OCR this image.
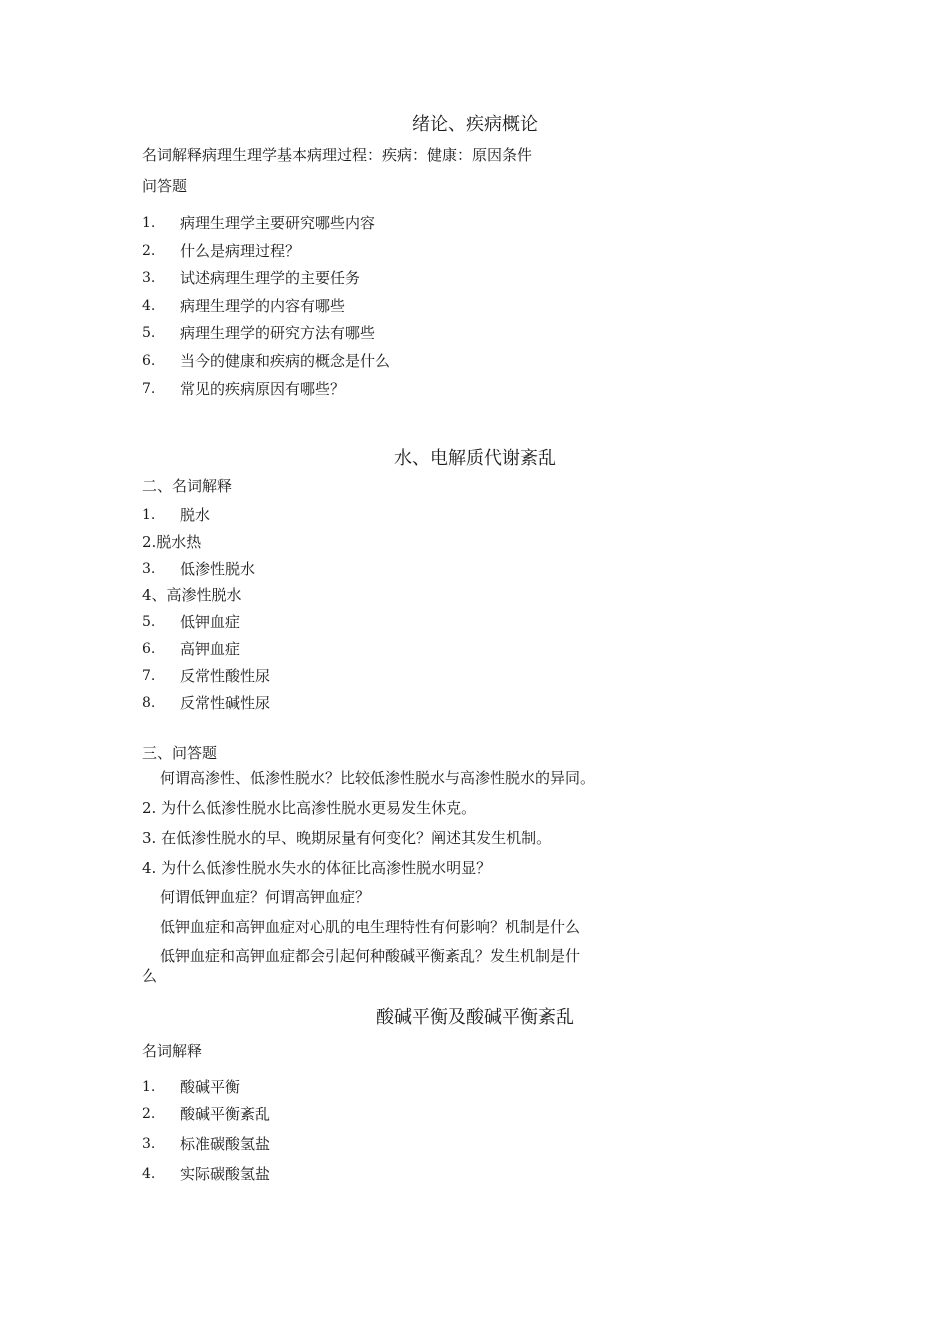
绪论、疾病概论
名词解释病理生理学基本病理过程：疾病：健康：原因条件
问答题
1. 病理生理学主要研究哪些内容
2. 什么是病理过程？
3. 试述病理生理学的主要任务
4. 病理生理学的内容有哪些
5. 病理生理学的研究方法有哪些
6. 当今的健康和疾病的概念是什么
7. 常见的疾病原因有哪些？
水、电解质代谢紊乱
二、名词解释
1. 脱水
2.脱水热
3. 低渗性脱水
4、高渗性脱水
5. 低钾血症
6. 高钾血症
7. 反常性酸性尿
8. 反常性碱性尿
三、问答题
何谓高渗性、低渗性脱水？比较低渗性脱水与高渗性脱水的异同。
2. 为什么低渗性脱水比高渗性脱水更易发生休克。
3. 在低渗性脱水的早、晚期尿量有何变化？阐述其发生机制。
4. 为什么低渗性脱水失水的体征比高渗性脱水明显？
何谓低钾血症？何谓高钾血症？
低钾血症和高钾血症对心肌的电生理特性有何影响？机制是什么
低钾血症和高钾血症都会引起何种酸碱平衡紊乱？发生机制是什
么
酸碱平衡及酸碱平衡紊乱
名词解释
1. 酸碱平衡
2. 酸碱平衡紊乱
3. 标准碳酸氢盐
4. 实际碳酸氢盐
